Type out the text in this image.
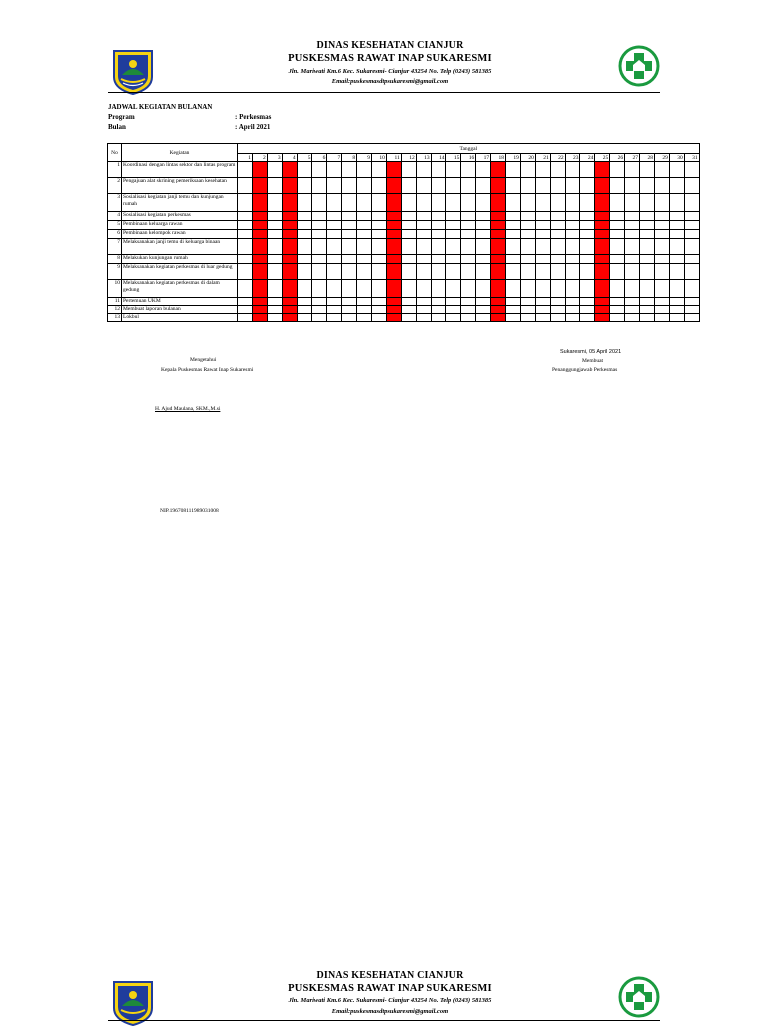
DINAS KESEHATAN CIANJUR
PUSKESMAS RAWAT INAP SUKARESMI
Jln. Mariwati Km.6 Kec. Sukaresmi- Cianjur 43254 No. Telp (0243) 581385
Email:puskesmasdtpsukaresmi@gmail.com
JADWAL KEGIATAN BULANAN
Program	: Perkesmas
Bulan	: April 2021
No	Kegiatan	Tanggal																														
		1	2	3	4	5	6	7	8	9	10	11	12	13	14	15	16	17	18	19	20	21	22	23	24	25	26	27	28	29	30	31
1	Koordinasi dengan lintas sektor dan lintas program																															
2	Pengajuan alat skrining pemeriksaan kesehatan																															
3	Sosialisasi kegiatan janji temu dan kunjungan rumah																															
4	Sosialisasi kegiatan perkesmas																															
5	Pembinaan keluarga rawan																															
6	Pembinaan kelompok rawan																															
7	Melaksanakan janji temu di keluarga binaan																															
8	Melakukan kunjungan rumah																															
9	Melaksanakan kegiatan perkesmas di luar gedung																															
10	Melaksanakan kegiatan perkesmas di dalam gedung																															
11	Pertemuan UKM																															
12	Membuat laporan bulanan																															
13	Lokbul																															
Sukaresmi, 05 April 2021
Mengetahui	Membuat
Kepala Puskesmas Rawat Inap Sukaresmi	Penanggungjawab Perkesmas
H. Ajud Maulana, SKM.,M.si
NIP.196708111989031008
DINAS KESEHATAN CIANJUR
PUSKESMAS RAWAT INAP SUKARESMI
Jln. Mariwati Km.6 Kec. Sukaresmi- Cianjur 43254 No. Telp (0243) 581385
Email:puskesmasdtpsukaresmi@gmail.com
